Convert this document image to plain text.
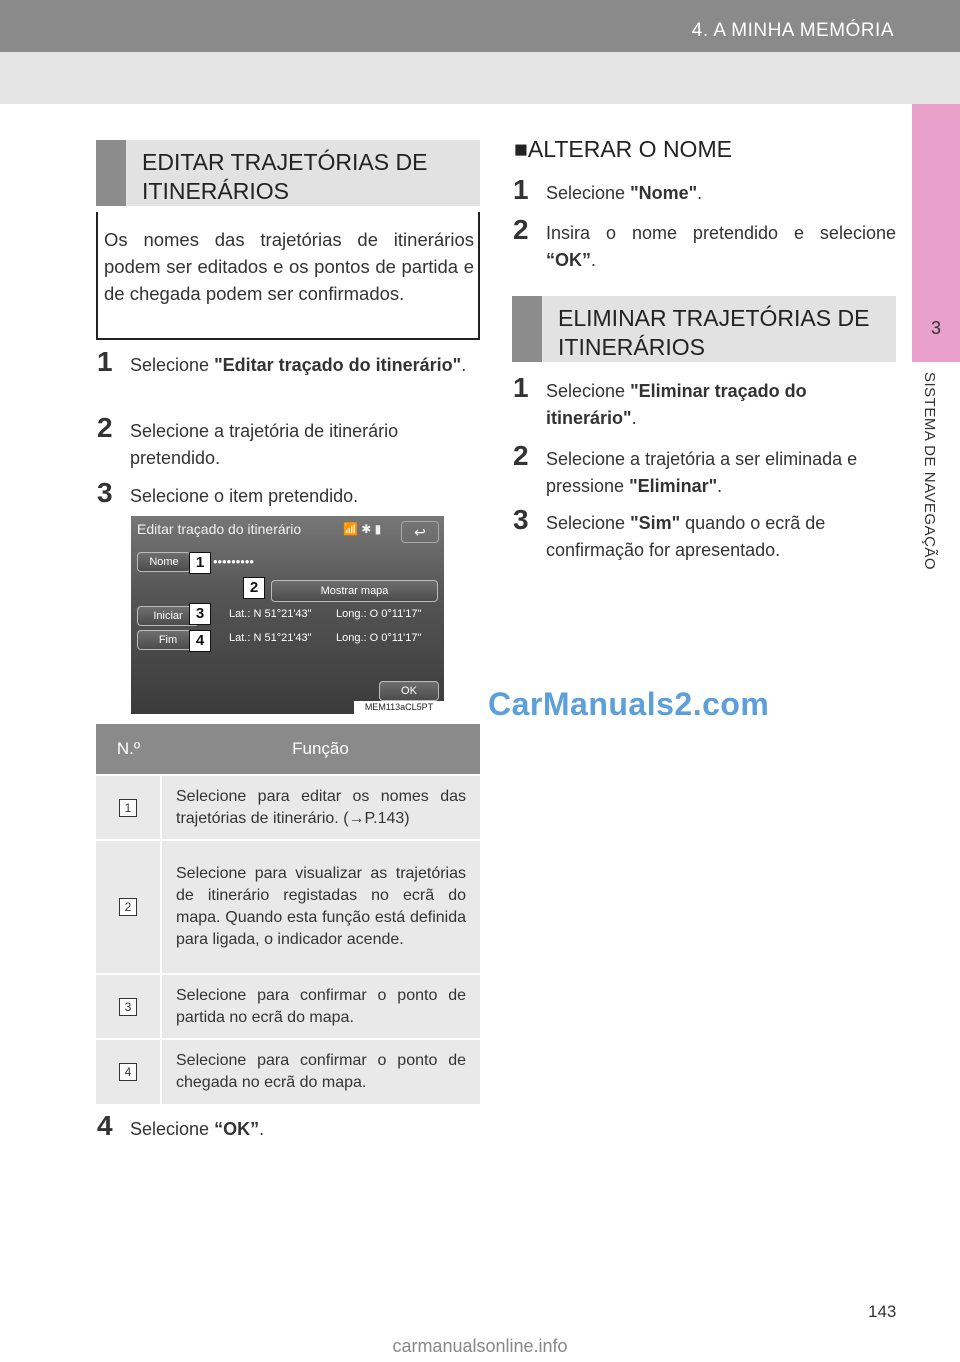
4. A MINHA MEMÓRIA
3
SISTEMA DE NAVEGAÇÃO
EDITAR TRAJETÓRIAS DE ITINERÁRIOS
Os nomes das trajetórias de itinerários podem ser editados e os pontos de partida e de chegada podem ser confirmados.
1 Selecione "Editar traçado do itinerário".
2 Selecione a trajetória de itinerário pretendido.
3 Selecione o item pretendido.
Editar traçado do itinerário	📶 ✱ ▮	↩
Nome	•••••••••
Mostrar mapa
Iniciar	Lat.: N 51°21'43" Long.: O 0°11'17"
Fim	Lat.: N 51°21'43" Long.: O 0°11'17"
OK
1
2
3
4
MEM113aCL5PT
N.º	Função
1	Selecione para editar os nomes das trajetórias de itinerário. (→P.143)
2	Selecione para visualizar as trajetórias de itinerário registadas no ecrã do mapa. Quando esta função está definida para ligada, o indicador acende.
3	Selecione para confirmar o ponto de partida no ecrã do mapa.
4	Selecione para confirmar o ponto de chegada no ecrã do mapa.
4 Selecione “OK”.
■ALTERAR O NOME
1 Selecione "Nome".
2 Insira o nome pretendido e selecione “OK”.
ELIMINAR TRAJETÓRIAS DE ITINERÁRIOS
1 Selecione "Eliminar traçado do itinerário".
2 Selecione a trajetória a ser eliminada e pressione "Eliminar".
3 Selecione "Sim" quando o ecrã de confirmação for apresentado.
CarManuals2.com
143
carmanualsonline.info
